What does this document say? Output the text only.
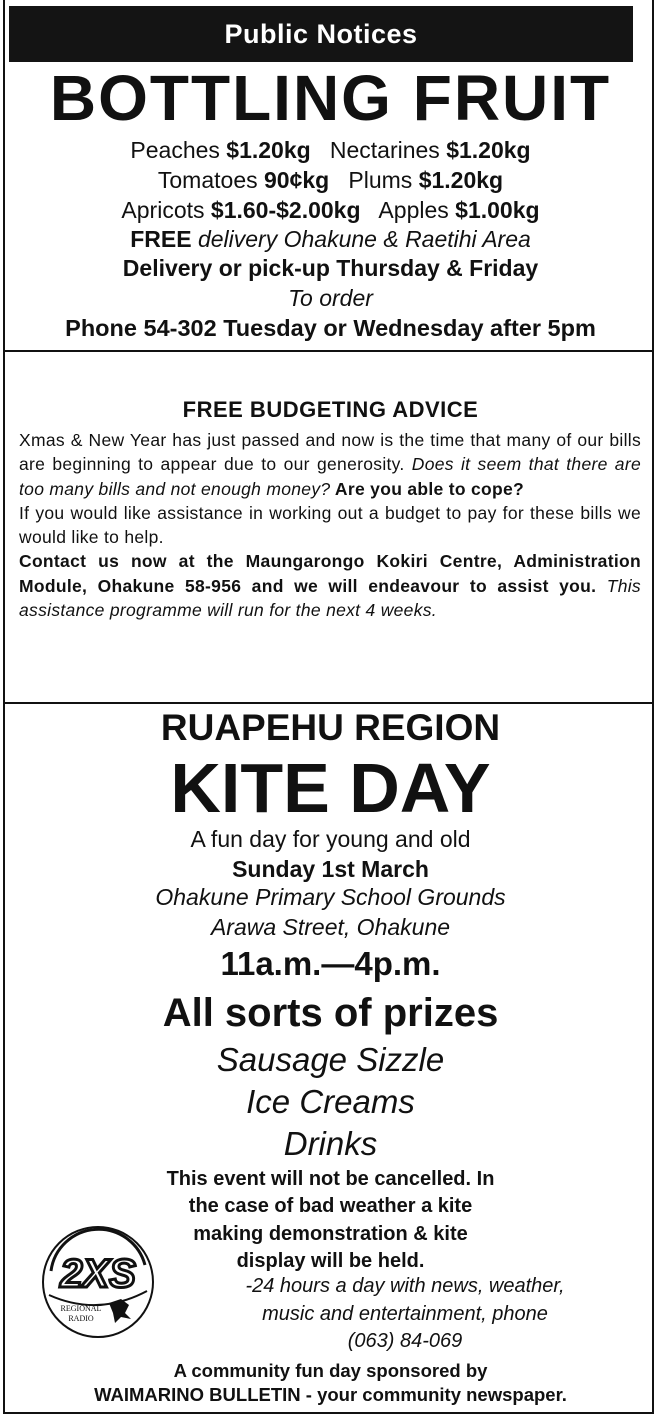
Public Notices
BOTTLING FRUIT
Peaches $1.20kg   Nectarines $1.20kg
Tomatoes 90¢kg   Plums $1.20kg
Apricots $1.60-$2.00kg   Apples $1.00kg
FREE delivery Ohakune & Raetihi Area
Delivery or pick-up Thursday & Friday
To order
Phone 54-302 Tuesday or Wednesday after 5pm
FREE BUDGETING ADVICE
Xmas & New Year has just passed and now is the time that many of our bills are beginning to appear due to our generosity. Does it seem that there are too many bills and not enough money? Are you able to cope?
If you would like assistance in working out a budget to pay for these bills we would like to help.
Contact us now at the Maungarongo Kokiri Centre, Administration Module, Ohakune 58-956 and we will endeavour to assist you. This assistance programme will run for the next 4 weeks.
RUAPEHU REGION
KITE DAY
A fun day for young and old
Sunday 1st March
Ohakune Primary School Grounds
Arawa Street, Ohakune
11a.m.—4p.m.
All sorts of prizes
Sausage Sizzle
Ice Creams
Drinks
This event will not be cancelled. In
the case of bad weather a kite
making demonstration & kite
display will be held.
-24 hours a day with news, weather,
music and entertainment, phone
(063) 84-069
A community fun day sponsored by
WAIMARINO BULLETIN - your community newspaper.
2XS
REGIONAL
RADIO
